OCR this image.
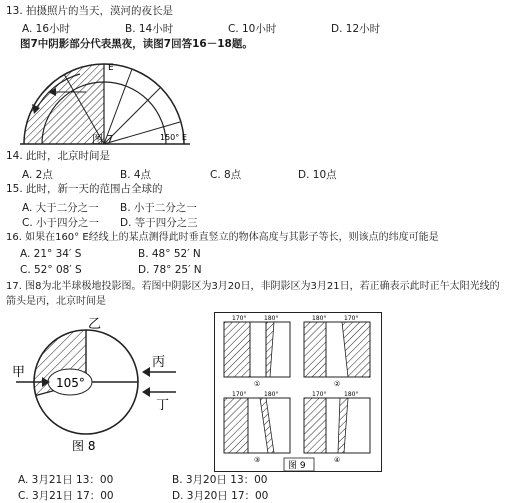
13. 拍摄照片的当天，漠河的夜长是
A. 16小时	B. 14小时	C. 10小时	D. 12小时
图7中阴影部分代表黑夜，读图7回答16－18题。
E
150° E
图 7
14. 此时，北京时间是
A. 2点	B. 4点	C. 8点	D. 10点
15. 此时，新一天的范围占全球的
A. 大于二分之一 B. 小于二分之一
C. 小于四分之一 D. 等于四分之三
16. 如果在160° E经线上的某点测得此时垂直竖立的物体高度与其影子等长，则该点的纬度可能是
A. 21° 34′ S	B. 48° 52′ N
C. 52° 08′ S	D. 78° 25′ N
17. 图8为北半球极地投影图。若图中阴影区为3月20日，非阴影区为3月21日，若正确表示此时正午太阳光线的
箭头是丙，北京时间是
105°
乙
丙
甲
丁
图 8
170°	180°
①
180°	170°
②
170°	180°
③
170°	180°
④
图 9
A. 3月21日 13：00	B. 3月20日 13：00
C. 3月21日 17：00	D. 3月20日 17：00
